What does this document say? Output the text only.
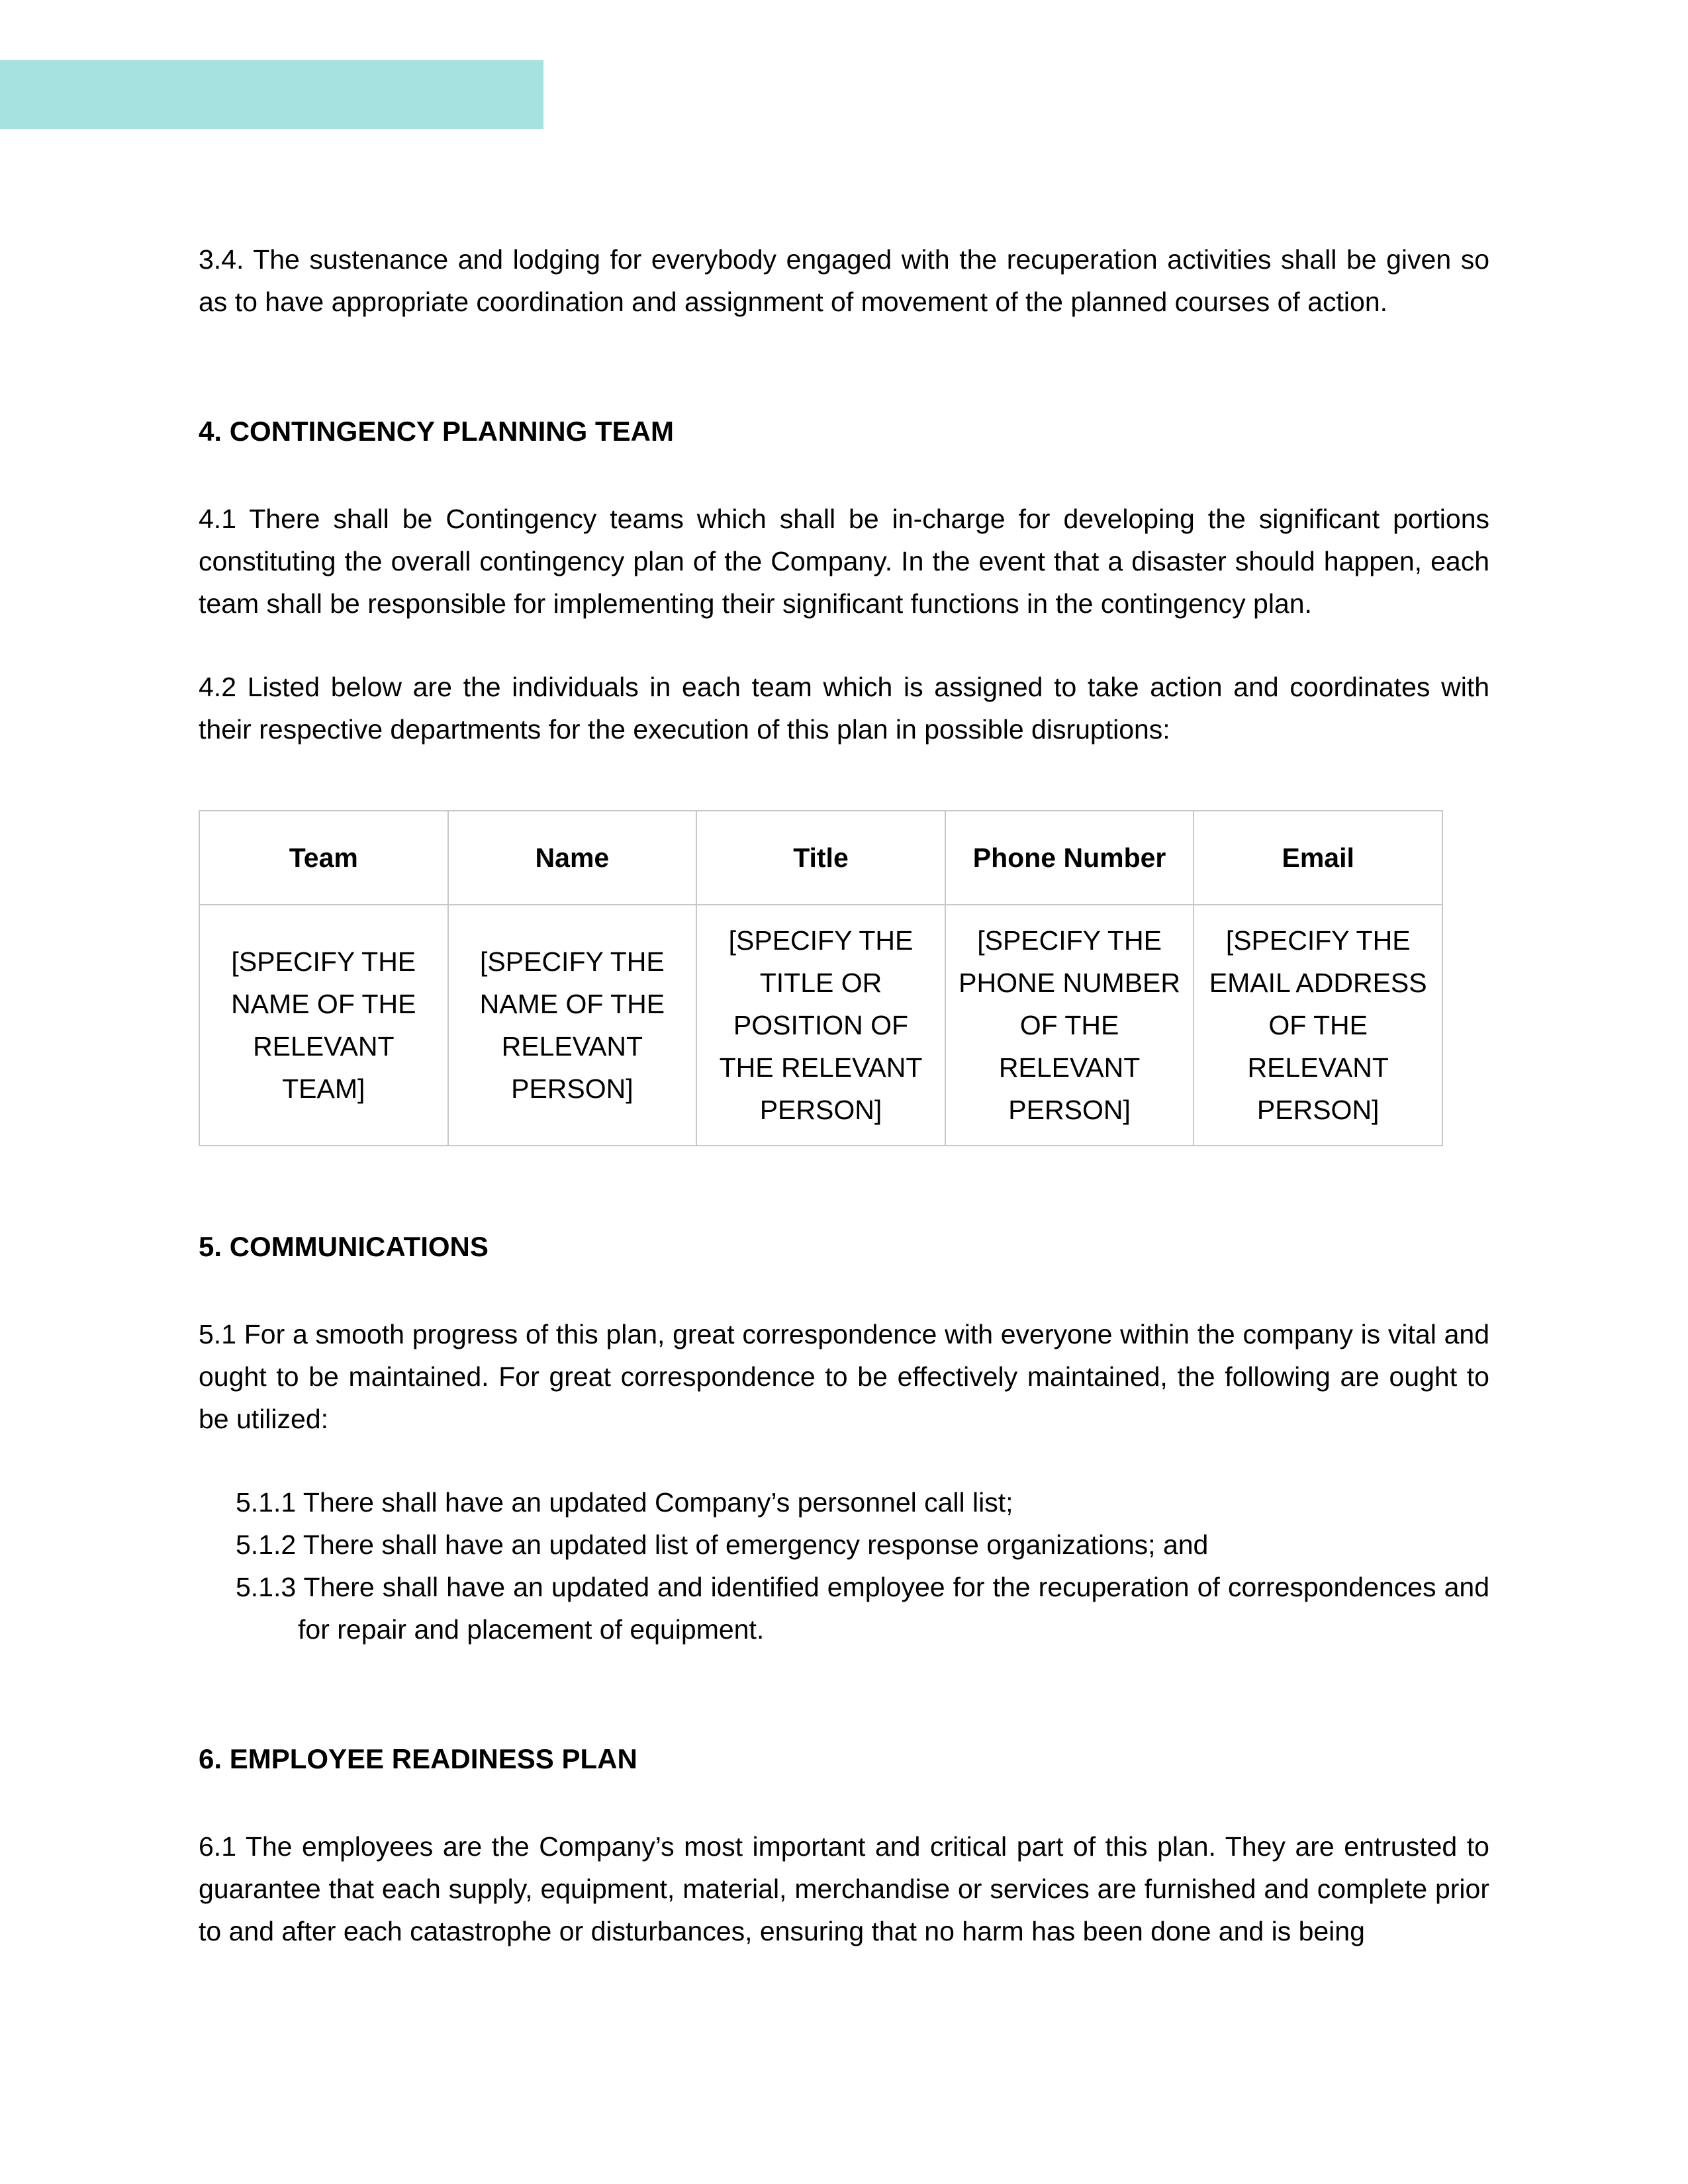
3.4. The sustenance and lodging for everybody engaged with the recuperation activities shall be given so as to have appropriate coordination and assignment of movement of the planned courses of action.

4. CONTINGENCY PLANNING TEAM

4.1 There shall be Contingency teams which shall be in-charge for developing the significant portions constituting the overall contingency plan of the Company. In the event that a disaster should happen, each team shall be responsible for implementing their significant functions in the contingency plan.

4.2 Listed below are the individuals in each team which is assigned to take action and coordinates with their respective departments for the execution of this plan in possible disruptions:

Team	Name	Title	Phone Number	Email
[SPECIFY THE NAME OF THE RELEVANT TEAM]	[SPECIFY THE NAME OF THE RELEVANT PERSON]	[SPECIFY THE TITLE OR POSITION OF THE RELEVANT PERSON]	[SPECIFY THE PHONE NUMBER OF THE RELEVANT PERSON]	[SPECIFY THE EMAIL ADDRESS OF THE RELEVANT PERSON]
5. COMMUNICATIONS

5.1 For a smooth progress of this plan, great correspondence with everyone within the company is vital and ought to be maintained. For great correspondence to be effectively maintained, the following are ought to be utilized:

5.1.1 There shall have an updated Company’s personnel call list;
5.1.2 There shall have an updated list of emergency response organizations; and
5.1.3 There shall have an updated and identified employee for the recuperation of correspondences and for repair and placement of equipment.
6. EMPLOYEE READINESS PLAN

6.1 The employees are the Company’s most important and critical part of this plan. They are entrusted to guarantee that each supply, equipment, material, merchandise or services are furnished and complete prior to and after each catastrophe or disturbances, ensuring that no harm has been done and is being
